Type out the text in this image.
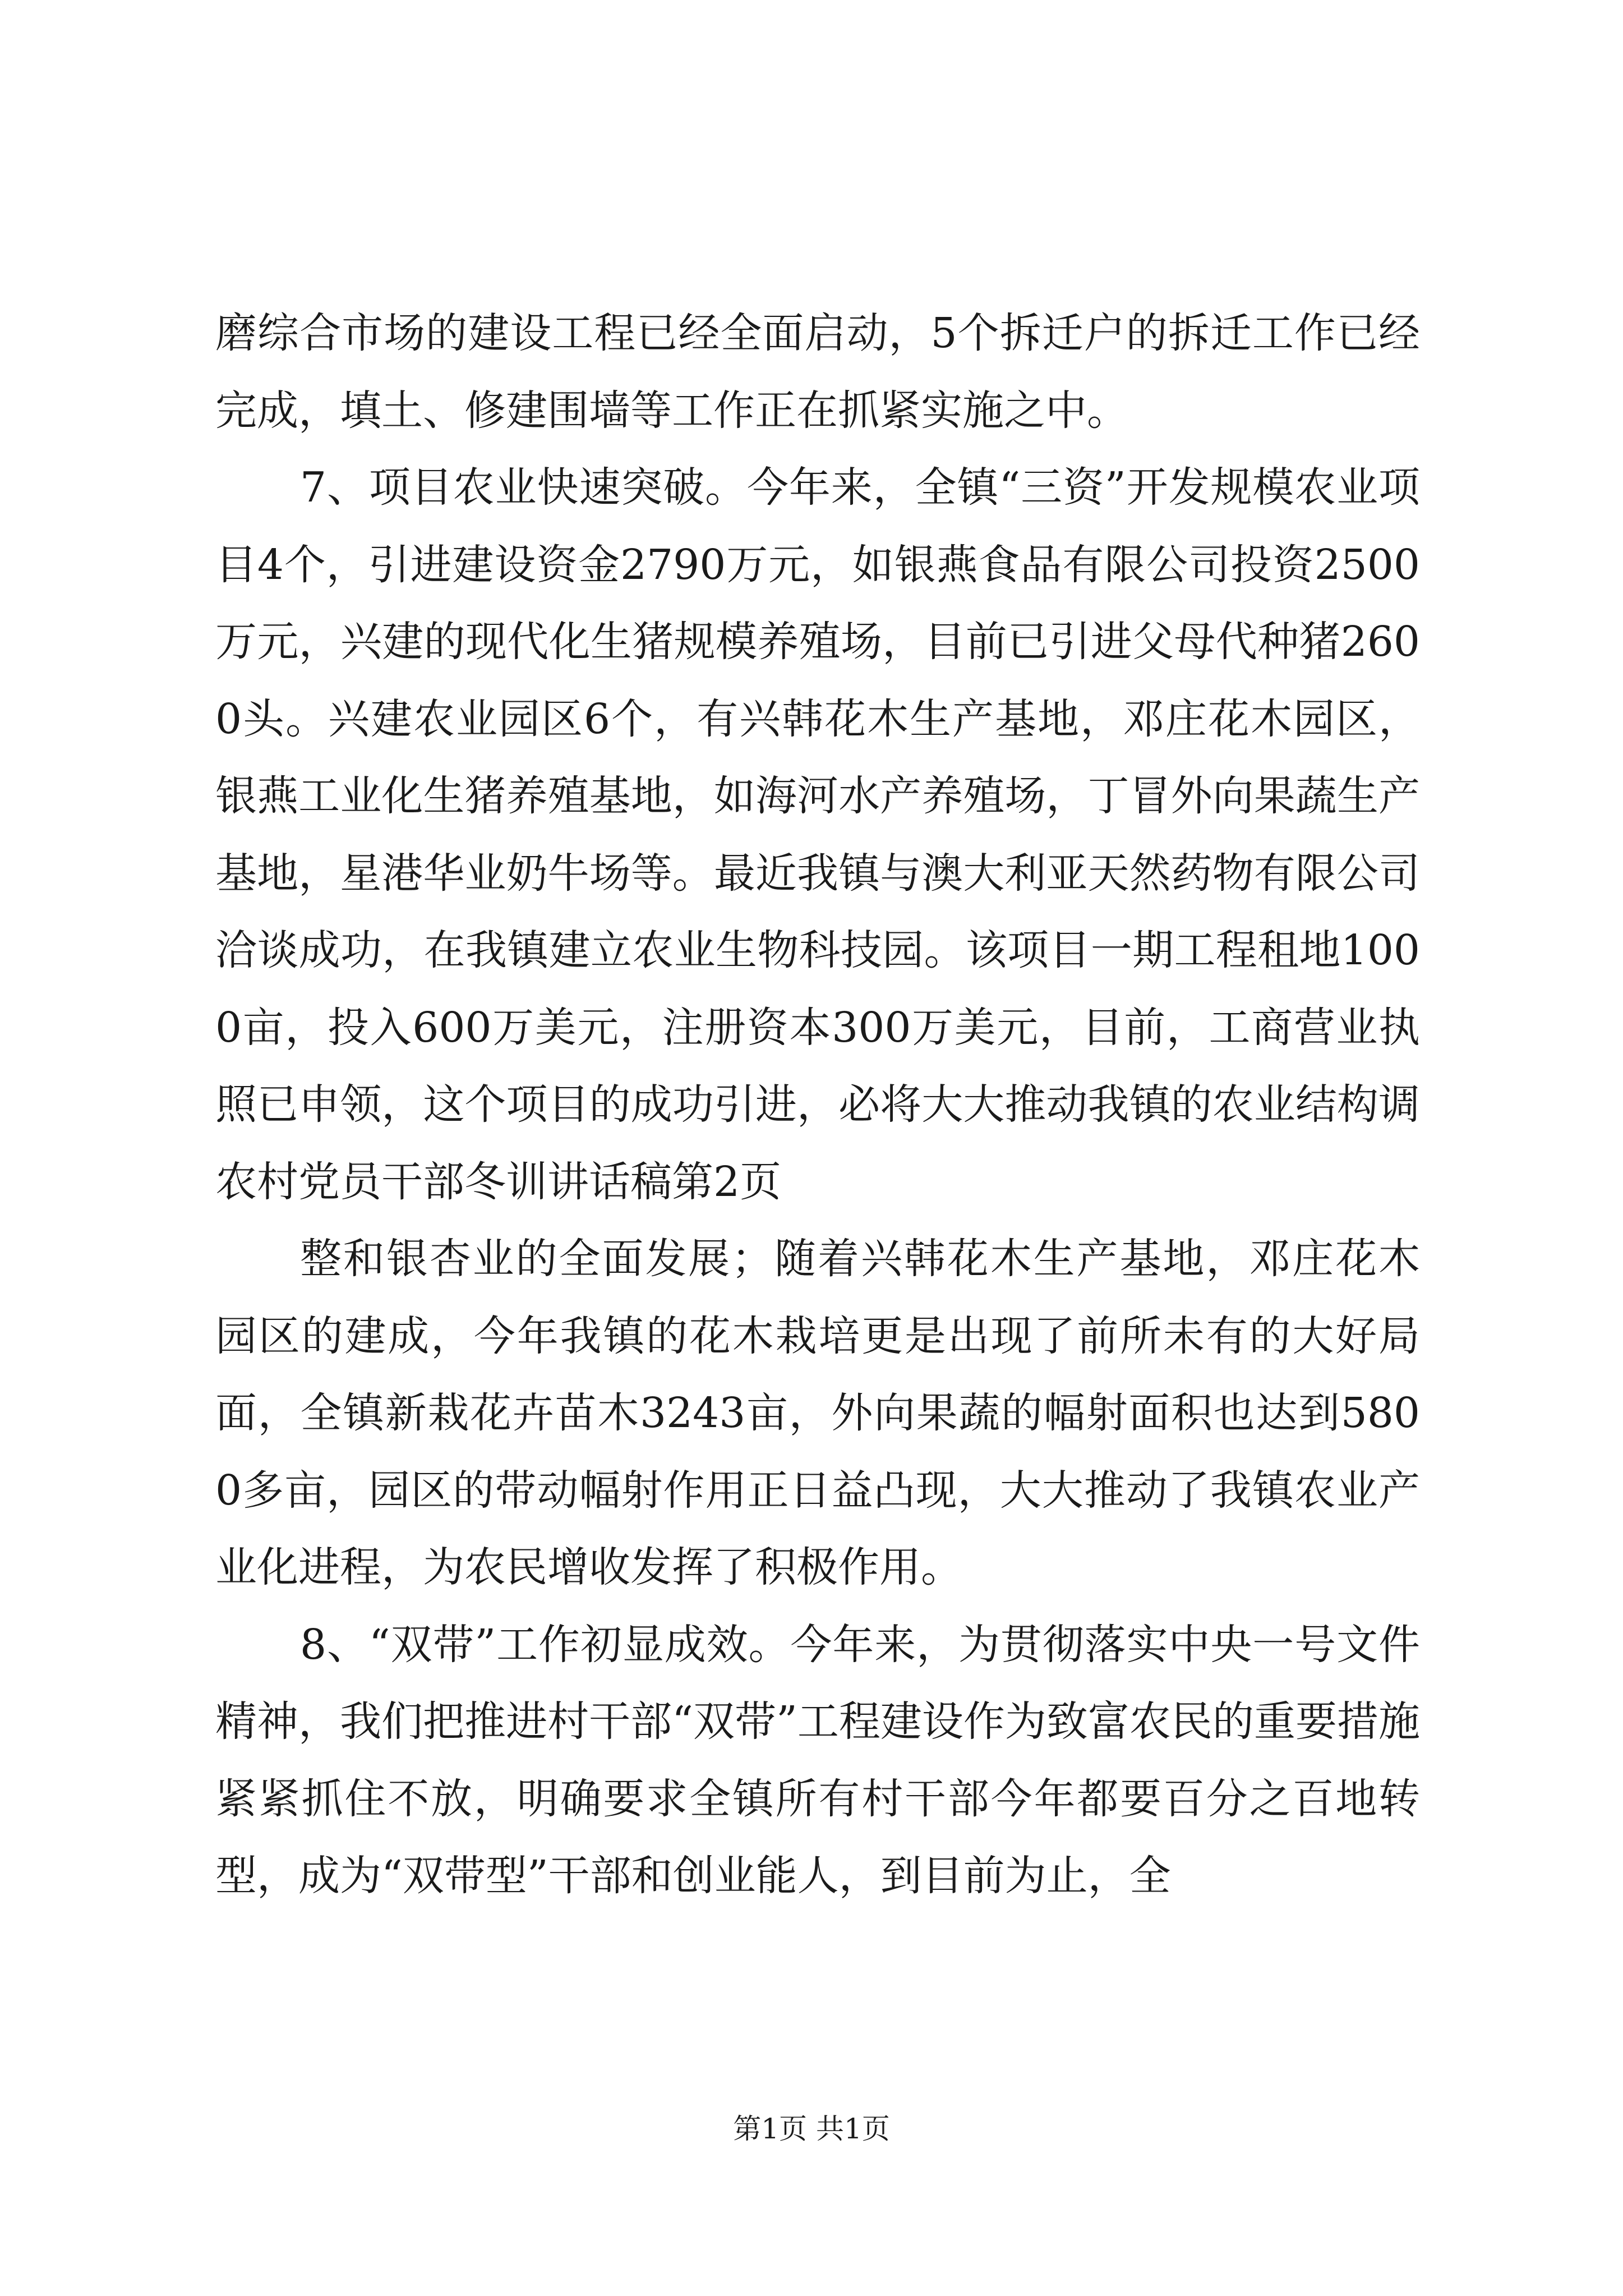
磨综合市场的建设工程已经全面启动，5个拆迁户的拆迁工作已经完成，填土、修建围墙等工作正在抓紧实施之中。

7、项目农业快速突破。今年来，全镇“三资”开发规模农业项目4个，引进建设资金2790万元，如银燕食品有限公司投资2500万元，兴建的现代化生猪规模养殖场，目前已引进父母代种猪2600头。兴建农业园区6个，有兴韩花木生产基地，邓庄花木园区，银燕工业化生猪养殖基地，如海河水产养殖场，丁冒外向果蔬生产基地，星港华业奶牛场等。最近我镇与澳大利亚天然药物有限公司洽谈成功，在我镇建立农业生物科技园。该项目一期工程租地1000亩，投入600万美元，注册资本300万美元，目前，工商营业执照已申领，这个项目的成功引进，必将大大推动我镇的农业结构调农村党员干部冬训讲话稿第2页

整和银杏业的全面发展；随着兴韩花木生产基地，邓庄花木园区的建成，今年我镇的花木栽培更是出现了前所未有的大好局面，全镇新栽花卉苗木3243亩，外向果蔬的幅射面积也达到5800多亩，园区的带动幅射作用正日益凸现，大大推动了我镇农业产业化进程，为农民增收发挥了积极作用。

8、“双带”工作初显成效。今年来，为贯彻落实中央一号文件精神，我们把推进村干部“双带”工程建设作为致富农民的重要措施紧紧抓住不放，明确要求全镇所有村干部今年都要百分之百地转型，成为“双带型”干部和创业能人，到目前为止，全

第1页 共1页
